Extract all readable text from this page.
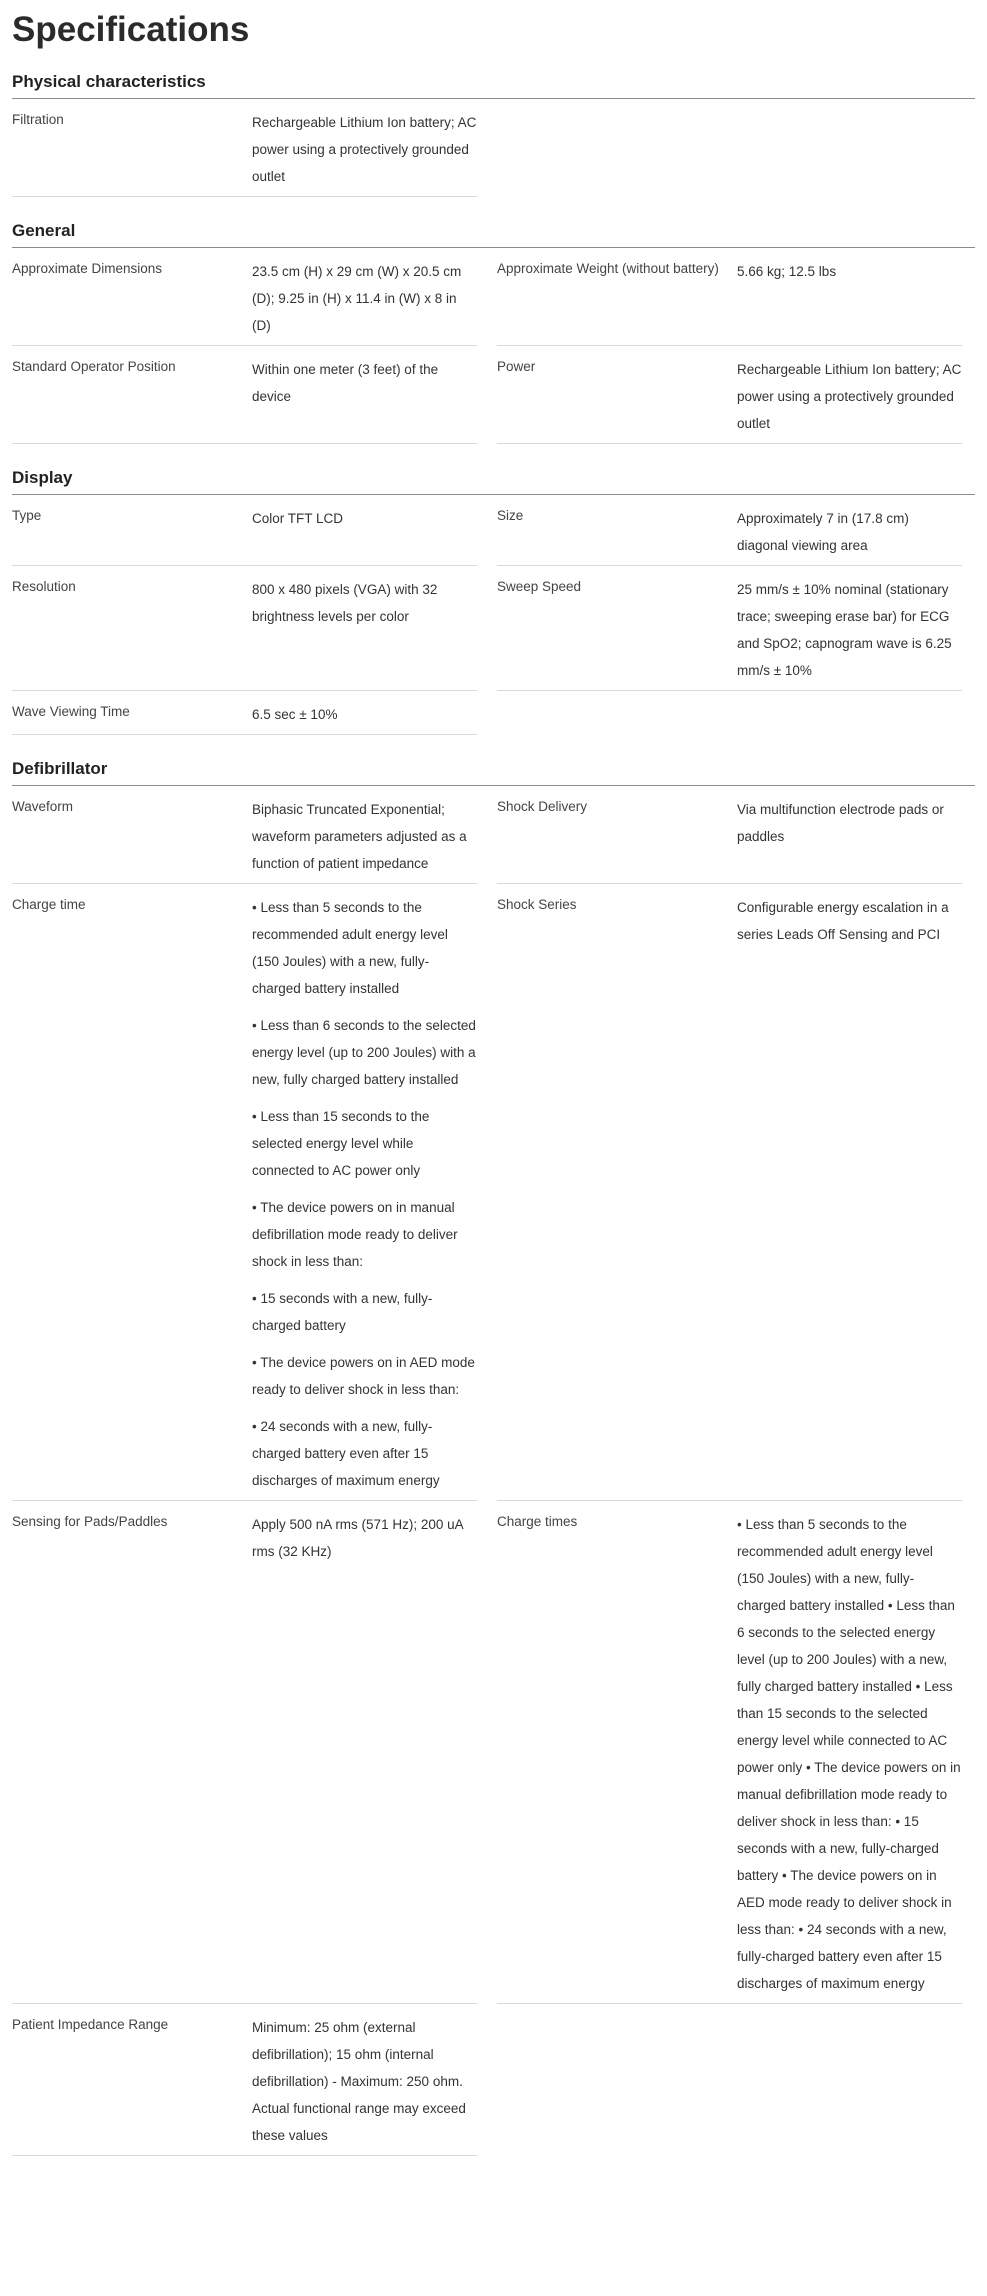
Specifications
Physical characteristics
Filtration	Rechargeable Lithium Ion battery; AC power using a protectively grounded outlet

General
Approximate Dimensions	23.5 cm (H) x 29 cm (W) x 20.5 cm (D); 9.25 in (H) x 11.4 in (W) x 8 in (D)

Approximate Weight (without battery)	5.66 kg; 12.5 lbs

Standard Operator Position	Within one meter (3 feet) of the device

Power	Rechargeable Lithium Ion battery; AC power using a protectively grounded outlet

Display
Type	Color TFT LCD	Size	Approximately 7 in (17.8 cm) diagonal viewing area

Resolution	800 x 480 pixels (VGA) with 32 brightness levels per color

Sweep Speed	25 mm/s ± 10% nominal (stationary trace; sweeping erase bar) for ECG and SpO2; capnogram wave is 6.25 mm/s ± 10%

Wave Viewing Time	6.5 sec ± 10%

Defibrillator
Waveform	Biphasic Truncated Exponential; waveform parameters adjusted as a function of patient impedance

Shock Delivery	Via multifunction electrode pads or paddles

Charge time	• Less than 5 seconds to the recommended adult energy level (150 Joules) with a new, fully-charged battery installed

• Less than 6 seconds to the selected energy level (up to 200 Joules) with a new, fully charged battery installed

• Less than 15 seconds to the selected energy level while connected to AC power only

• The device powers on in manual defibrillation mode ready to deliver shock in less than:

• 15 seconds with a new, fully-charged battery

• The device powers on in AED mode ready to deliver shock in less than:

• 24 seconds with a new, fully-charged battery even after 15 discharges of maximum energy

Shock Series	Configurable energy escalation in a series Leads Off Sensing and PCI

Sensing for Pads/Paddles	Apply 500 nA rms (571 Hz); 200 uA rms (32 KHz)

Charge times	• Less than 5 seconds to the recommended adult energy level (150 Joules) with a new, fully-charged battery installed • Less than 6 seconds to the selected energy level (up to 200 Joules) with a new, fully charged battery installed • Less than 15 seconds to the selected energy level while connected to AC power only • The device powers on in manual defibrillation mode ready to deliver shock in less than: • 15 seconds with a new, fully-charged battery • The device powers on in AED mode ready to deliver shock in less than: • 24 seconds with a new, fully-charged battery even after 15 discharges of maximum energy

Patient Impedance Range	Minimum: 25 ohm (external defibrillation); 15 ohm (internal defibrillation) - Maximum: 250 ohm. Actual functional range may exceed these values
